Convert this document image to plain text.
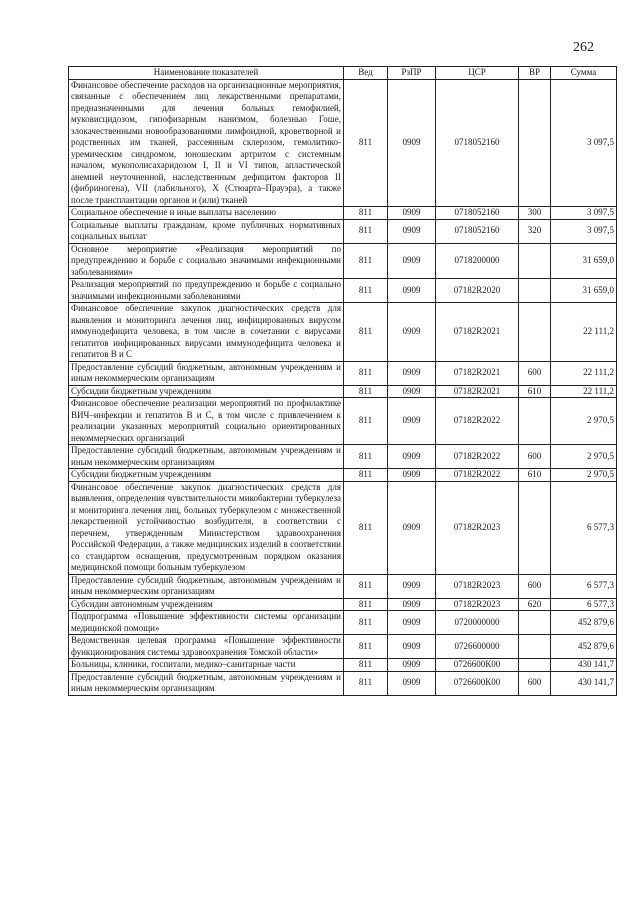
262
Наименование показателей	Вед	РзПР	ЦСР	ВР	Сумма
Финансовое обеспечение расходов на организационные мероприятия, связанные с обеспечением лиц лекарственными препаратами, предназначенными для лечения больных гемофилией, муковисцидозом, гипофизарным нанизмом, болезнью Гоше, злокачественными новообразованиями лимфоидной, кроветворной и родственных им тканей, рассеянным склерозом, гемолитико-уремическим синдромом, юношеским артритом с системным началом, мукополисахаридозом I, II и VI типов, апластической анемией неуточненной, наследственным дефицитом факторов II (фибриногена), VII (лабильного), X (Стюарта–Прауэра), а также после трансплантации органов и (или) тканей	811	0909	0718052160		3 097,5
Социальное обеспечение и иные выплаты населению	811	0909	0718052160	300	3 097,5
Социальные выплаты гражданам, кроме публичных нормативных социальных выплат	811	0909	0718052160	320	3 097,5
Основное мероприятие «Реализация мероприятий по предупреждению и борьбе с социально значимыми инфекционными заболеваниями»	811	0909	0718200000		31 659,0
Реализация мероприятий по предупреждению и борьбе с социально значимыми инфекционными заболеваниями	811	0909	07182R2020		31 659,0
Финансовое обеспечение закупок диагностических средств для выявления и мониторинга лечения лиц, инфицированных вирусом иммунодефицита человека, в том числе в сочетании с вирусами гепатитов инфицированных вирусами иммунодефицита человека и гепатитов В и С	811	0909	07182R2021		22 111,2
Предоставление субсидий бюджетным, автономным учреждениям и иным некоммерческим организациям	811	0909	07182R2021	600	22 111,2
Субсидии бюджетным учреждениям	811	0909	07182R2021	610	22 111,2
Финансовое обеспечение реализации мероприятий по профилактике ВИЧ–инфекции и гепатитов В и С, в том числе с привлечением к реализации указанных мероприятий социально ориентированных некоммерческих организаций	811	0909	07182R2022		2 970,5
Предоставление субсидий бюджетным, автономным учреждениям и иным некоммерческим организациям	811	0909	07182R2022	600	2 970,5
Субсидии бюджетным учреждениям	811	0909	07182R2022	610	2 970,5
Финансовое обеспечение закупок диагностических средств для выявления, определения чувствительности микобактерии туберкулеза и мониторинга лечения лиц, больных туберкулезом с множественной лекарственной устойчивостью возбудителя, в соответствии с перечнем, утвержденным Министерством здравоохранения Российской Федерации, а также медицинских изделий в соответствии со стандартом оснащения, предусмотренным порядком оказания медицинской помощи больным туберкулезом	811	0909	07182R2023		6 577,3
Предоставление субсидий бюджетным, автономным учреждениям и иным некоммерческим организациям	811	0909	07182R2023	600	6 577,3
Субсидии автономным учреждениям	811	0909	07182R2023	620	6 577,3
Подпрограмма «Повышение эффективности системы организации медицинской помощи»	811	0909	0720000000		452 879,6
Ведомственная целевая программа «Повышение эффективности функционирования системы здравоохранения Томской области»	811	0909	0726600000		452 879,6
Больницы, клиники, госпитали, медико–санитарные части	811	0909	0726600К00		430 141,7
Предоставление субсидий бюджетным, автономным учреждениям и иным некоммерческим организациям	811	0909	0726600К00	600	430 141,7
